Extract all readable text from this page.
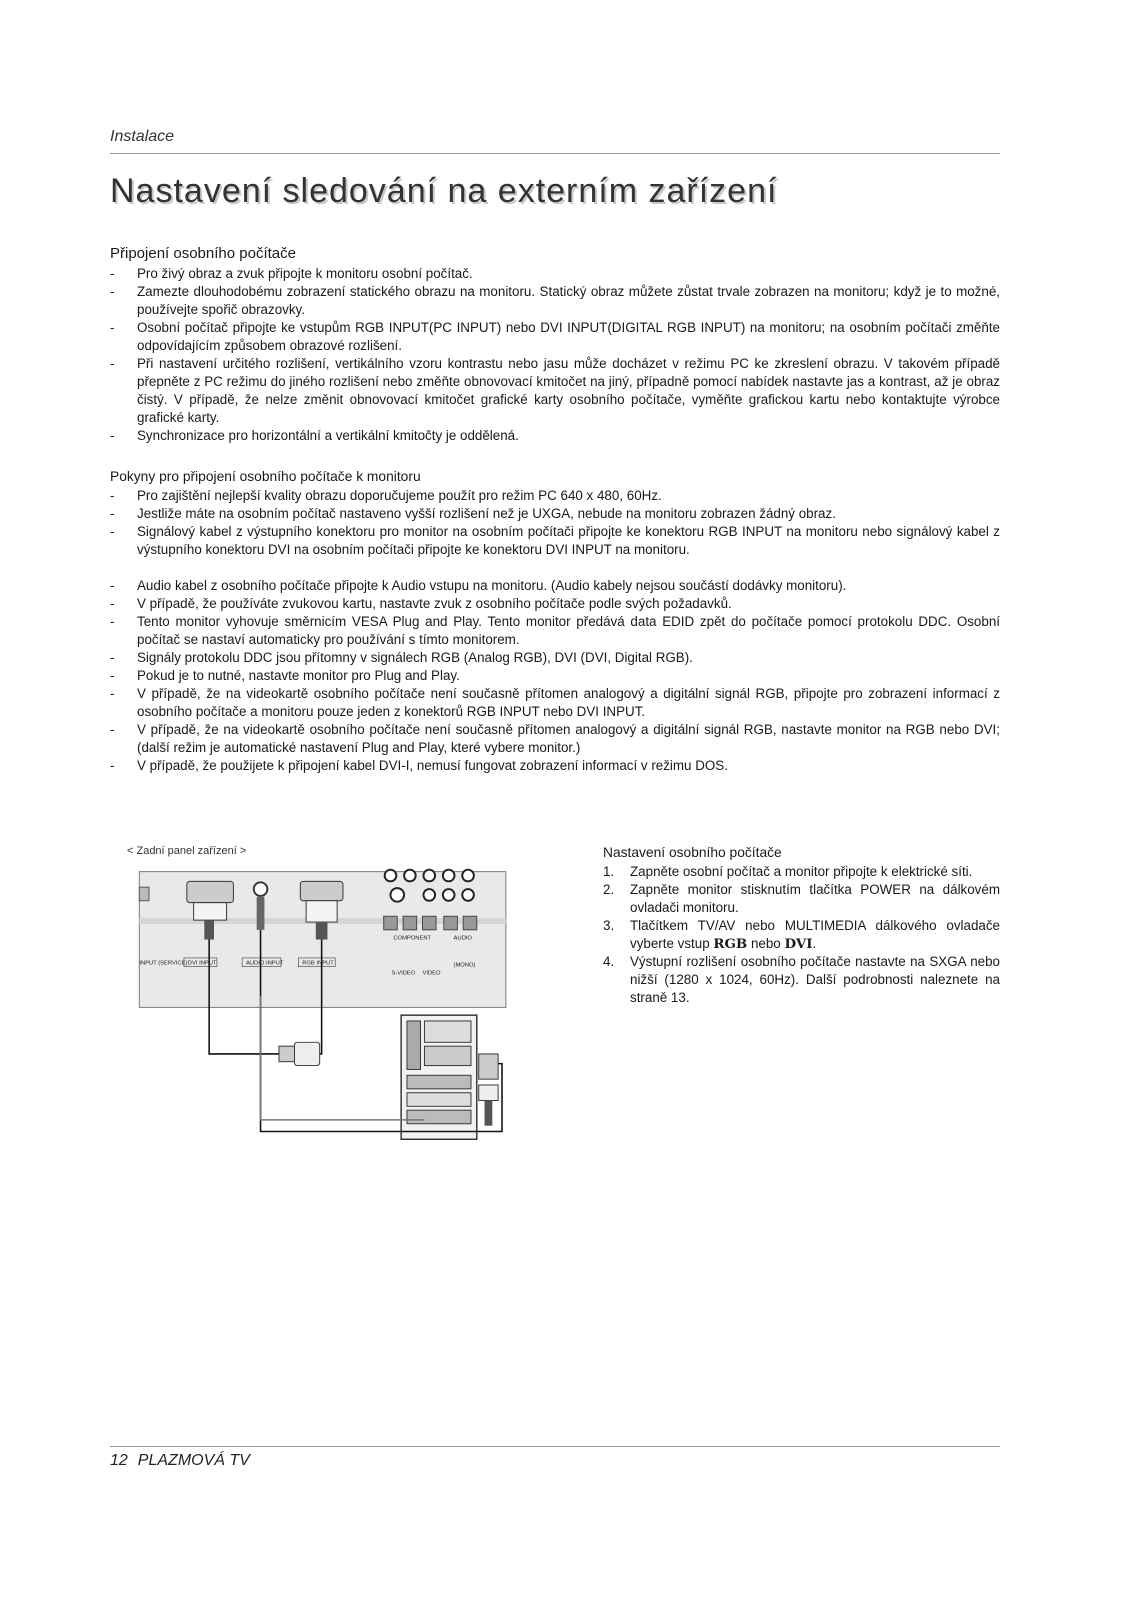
Instalace
Nastavení sledování na externím zařízení
Připojení osobního počítače
- Pro živý obraz a zvuk připojte k monitoru osobní počítač.
- Zamezte dlouhodobému zobrazení statického obrazu na monitoru. Statický obraz můžete zůstat trvale zobrazen na monitoru; když je to možné, používejte spořič obrazovky.
- Osobní počítač připojte ke vstupům RGB INPUT(PC INPUT) nebo DVI INPUT(DIGITAL RGB INPUT) na monitoru; na osobním počítači změňte odpovídajícím způsobem obrazové rozlišení.
- Při nastavení určitého rozlišení, vertikálního vzoru kontrastu nebo jasu může docházet v režimu PC ke zkreslení obrazu. V takovém případě přepněte z PC režimu do jiného rozlišení nebo změňte obnovovací kmitočet na jiný, případně pomocí nabídek nastavte jas a kontrast, až je obraz čistý. V případě, že nelze změnit obnovovací kmitočet grafické karty osobního počítače, vyměňte grafickou kartu nebo kontaktujte výrobce grafické karty.
- Synchronizace pro horizontální a vertikální kmitočty je oddělená.
Pokyny pro připojení osobního počítače k monitoru
- Pro zajištění nejlepší kvality obrazu doporučujeme použít pro režim PC 640 x 480, 60Hz.
- Jestliže máte na osobním počítač nastaveno vyšší rozlišení než je UXGA, nebude na monitoru zobrazen žádný obraz.
- Signálový kabel z výstupního konektoru pro monitor na osobním počítači připojte ke konektoru RGB INPUT na monitoru nebo signálový kabel z výstupního konektoru DVI na osobním počítači připojte ke konektoru DVI INPUT na monitoru.
- Audio kabel z osobního počítače připojte k Audio vstupu na monitoru. (Audio kabely nejsou součástí dodávky monitoru).
- V případě, že používáte zvukovou kartu, nastavte zvuk z osobního počítače podle svých požadavků.
- Tento monitor vyhovuje směrnicím VESA Plug and Play. Tento monitor předává data EDID zpět do počítače pomocí protokolu DDC. Osobní počítač se nastaví automaticky pro používání s tímto monitorem.
- Signály protokolu DDC jsou přítomny v signálech RGB (Analog RGB), DVI (DVI, Digital RGB).
- Pokud je to nutné, nastavte monitor pro Plug and Play.
- V případě, že na videokartě osobního počítače není současně přítomen analogový a digitální signál RGB, připojte pro zobrazení informací z osobního počítače a monitoru pouze jeden z konektorů RGB INPUT nebo DVI INPUT.
- V případě, že na videokartě osobního počítače není současně přítomen analogový a digitální signál RGB, nastavte monitor na RGB nebo DVI; (další režim je automatické nastavení Plug and Play, které vybere monitor.)
- V případě, že použijete k připojení kabel DVI-I, nemusí fungovat zobrazení informací v režimu DOS.
< Zadní panel zařízení >
INPUT (SERVICE) DVI INPUT	AUDIO INPUT	RGB INPUT
COMPONENT	AUDIO
S-VIDEO VIDEO
(MONO)
Nastavení osobního počítače
1. Zapněte osobní počítač a monitor připojte k elektrické síti.
2. Zapněte monitor stisknutím tlačítka POWER na dálkovém ovladači monitoru.
3. Tlačítkem TV/AV nebo MULTIMEDIA dálkového ovladače vyberte vstup RGB nebo DVI.
4. Výstupní rozlišení osobního počítače nastavte na SXGA nebo nižší (1280 x 1024, 60Hz). Další podrobnosti naleznete na straně 13.
12 PLAZMOVÁ TV
